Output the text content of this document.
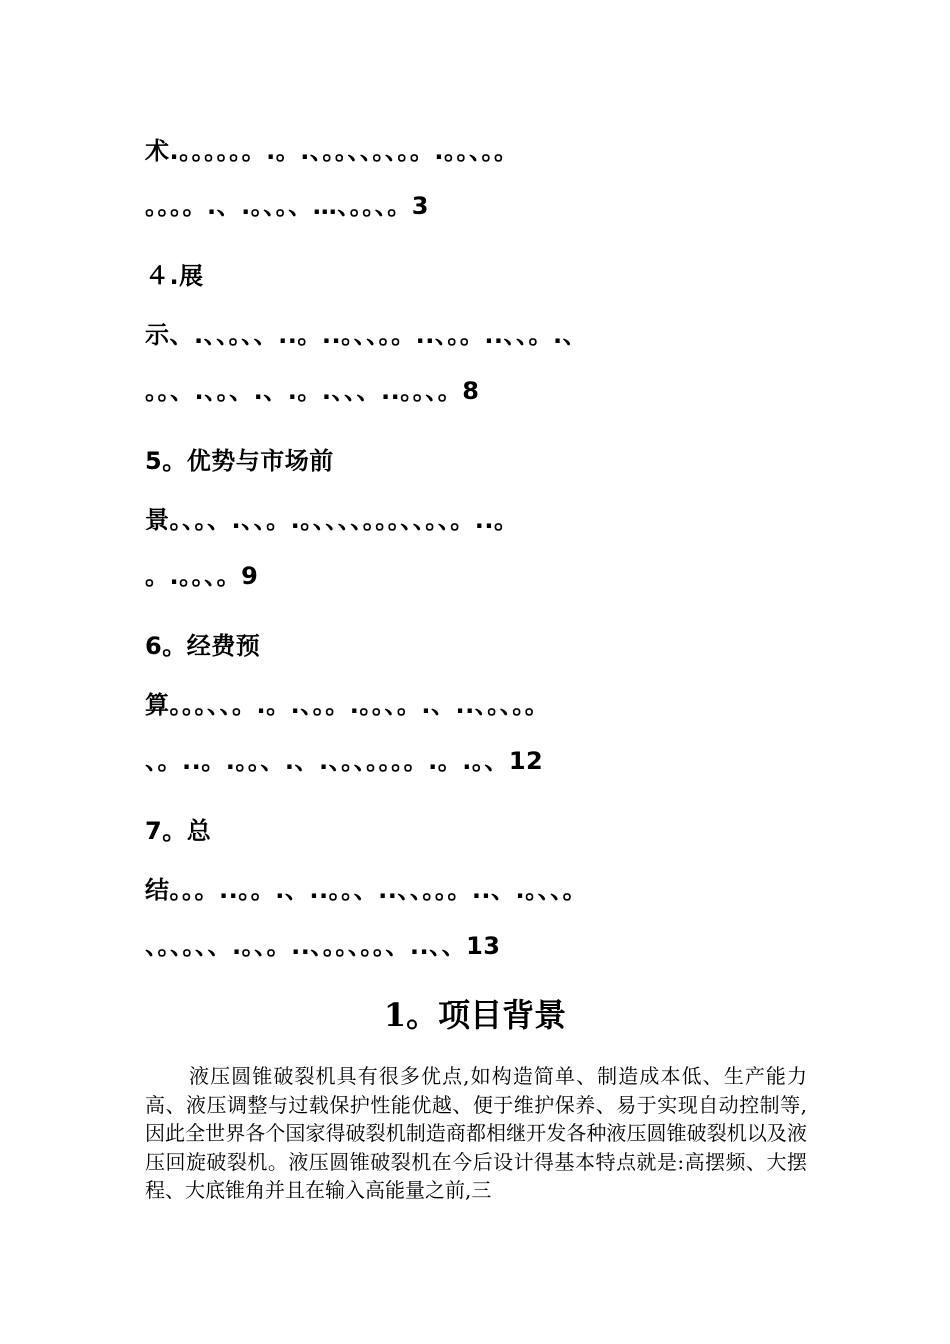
术.。。。。。。.。.、。。、、。、。。.。。、。。
。。。。.、.。、。、…、。。、。3
４.展
示、.、、。、、..。..。、、。。..、。。..、、。.、
。。、.、。、.、.。.、、、..。。、。8
5。优势与市场前
景。、。、.、、。.。、、、、。。。、、。、。..。
。.。。、。9
6。经费预
算。。。、、。.。.、。。.。。、。.、..、。、。。
、。..。.。。、.、.、。、。。。。.。.。、12
7。总
结。。。..。。.、..。。、..、、。。。..、.。、、。
、。、。、、.。、。..、。。、。。、..、、13
1。项目背景
液压圆锥破裂机具有很多优点,如构造简单、制造成本低、生产能力高、液压调整与过载保护性能优越、便于维护保养、易于实现自动控制等,因此全世界各个国家得破裂机制造商都相继开发各种液压圆锥破裂机以及液压回旋破裂机。液压圆锥破裂机在今后设计得基本特点就是:高摆频、大摆程、大底锥角并且在输入高能量之前,三
